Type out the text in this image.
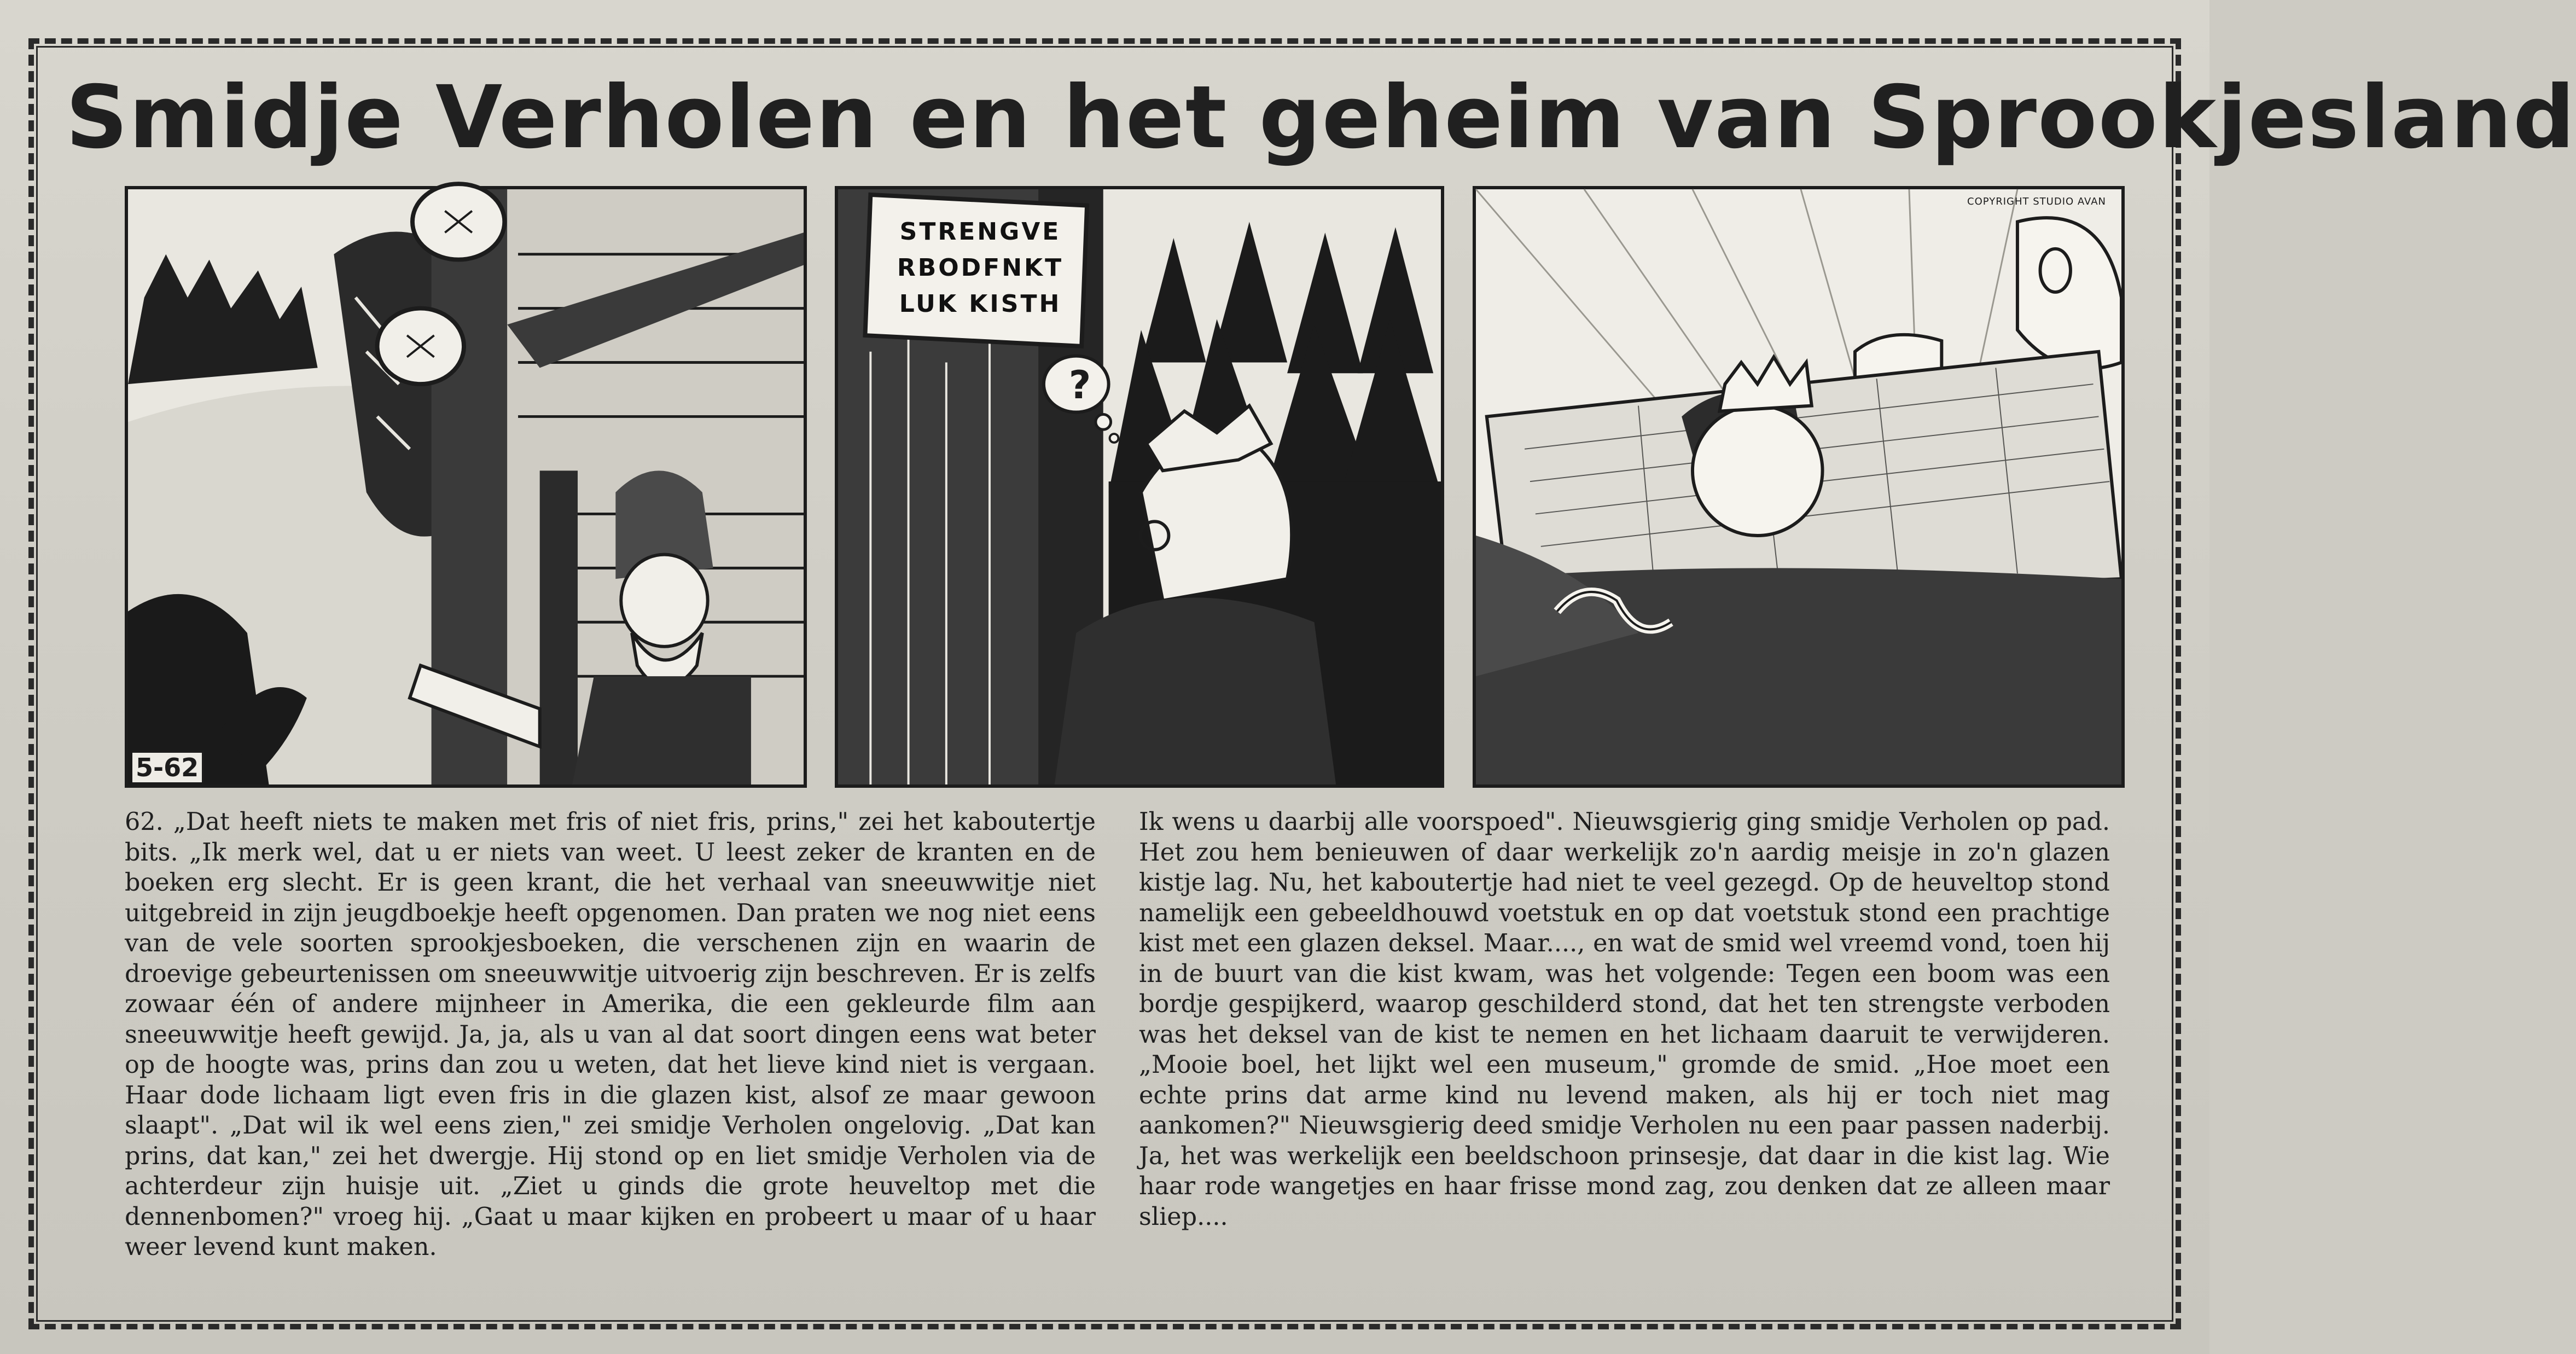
Smidje Verholen en het geheim van Sprookjesland
5-62
STRENGVE
RBODFNKT
LUK KISTH
?
COPYRIGHT STUDIO AVAN

62. „Dat heeft niets te maken met fris of niet fris, prins," zei het kaboutertje bits. „Ik merk wel, dat u er niets van weet. U leest zeker de kranten en de boeken erg slecht. Er is geen krant, die het verhaal van sneeuwwitje niet uitgebreid in zijn jeugdboekje heeft opgenomen. Dan praten we nog niet eens van de vele soorten sprookjesboeken, die verschenen zijn en waarin de droevige gebeurtenissen om sneeuwwitje uitvoerig zijn beschreven. Er is zelfs zowaar één of andere mijnheer in Amerika, die een gekleurde film aan sneeuwwitje heeft gewijd. Ja, ja, als u van al dat soort dingen eens wat beter op de hoogte was, prins dan zou u weten, dat het lieve kind niet is vergaan. Haar dode lichaam ligt even fris in die glazen kist, alsof ze maar gewoon slaapt". „Dat wil ik wel eens zien," zei smidje Verholen ongelovig. „Dat kan prins, dat kan," zei het dwergje. Hij stond op en liet smidje Verholen via de achterdeur zijn huisje uit. „Ziet u ginds die grote heuveltop met die dennenbomen?" vroeg hij. „Gaat u maar kijken en probeert u maar of u haar weer levend kunt maken.

Ik wens u daarbij alle voorspoed". Nieuwsgierig ging smidje Verholen op pad. Het zou hem benieuwen of daar werkelijk zo'n aardig meisje in zo'n glazen kistje lag. Nu, het kaboutertje had niet te veel gezegd. Op de heuveltop stond namelijk een gebeeldhouwd voetstuk en op dat voetstuk stond een prachtige kist met een glazen deksel. Maar...., en wat de smid wel vreemd vond, toen hij in de buurt van die kist kwam, was het volgende: Tegen een boom was een bordje gespijkerd, waarop geschilderd stond, dat het ten strengste verboden was het deksel van de kist te nemen en het lichaam daaruit te verwijderen. „Mooie boel, het lijkt wel een museum," gromde de smid. „Hoe moet een echte prins dat arme kind nu levend maken, als hij er toch niet mag aankomen?" Nieuwsgierig deed smidje Verholen nu een paar passen naderbij. Ja, het was werkelijk een beeldschoon prinsesje, dat daar in die kist lag. Wie haar rode wangetjes en haar frisse mond zag, zou denken dat ze alleen maar sliep....
